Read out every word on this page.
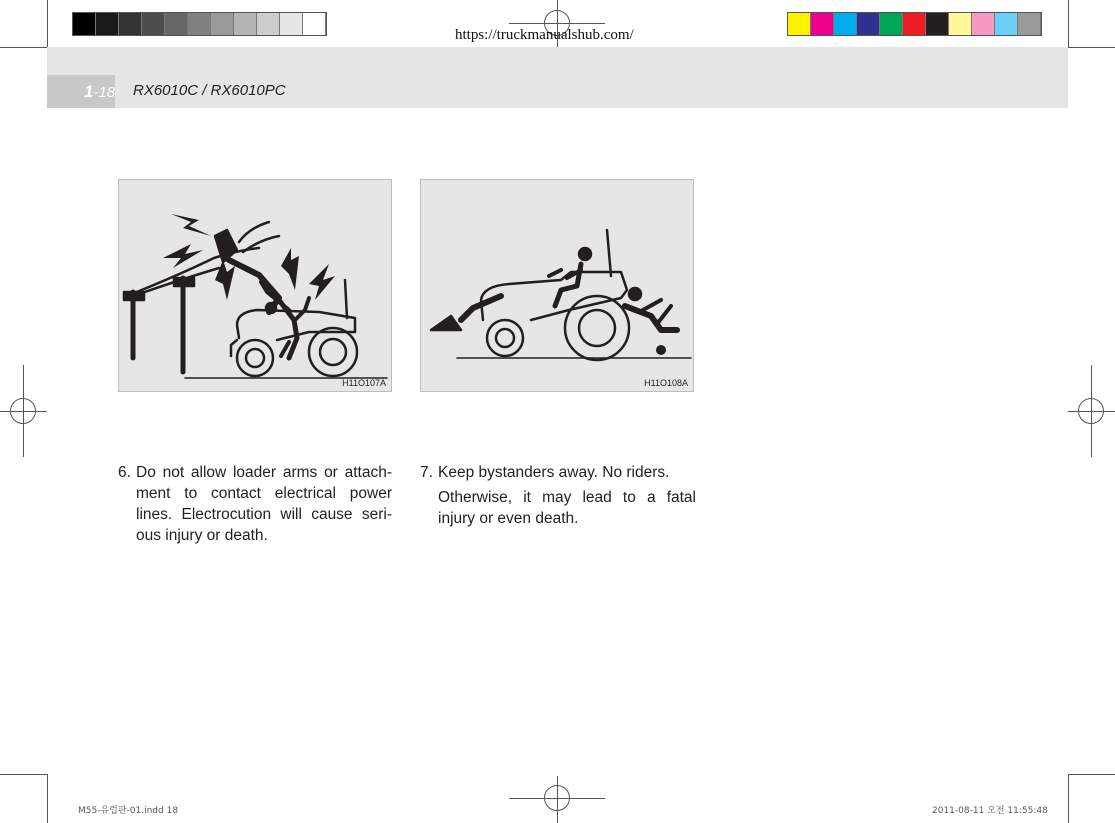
1-18 RX6010C / RX6010PC
https://truckmanualshub.com/
H11O107A	H11O108A
6. Do not allow loader arms or attach-ment to contact electrical power lines. Electrocution will cause seri-ous injury or death.

7. Keep bystanders away. No riders.

Otherwise, it may lead to a fatal injury or even death.

M55-유럽판-01.indd 18	2011-08-11 오전 11:55:48
